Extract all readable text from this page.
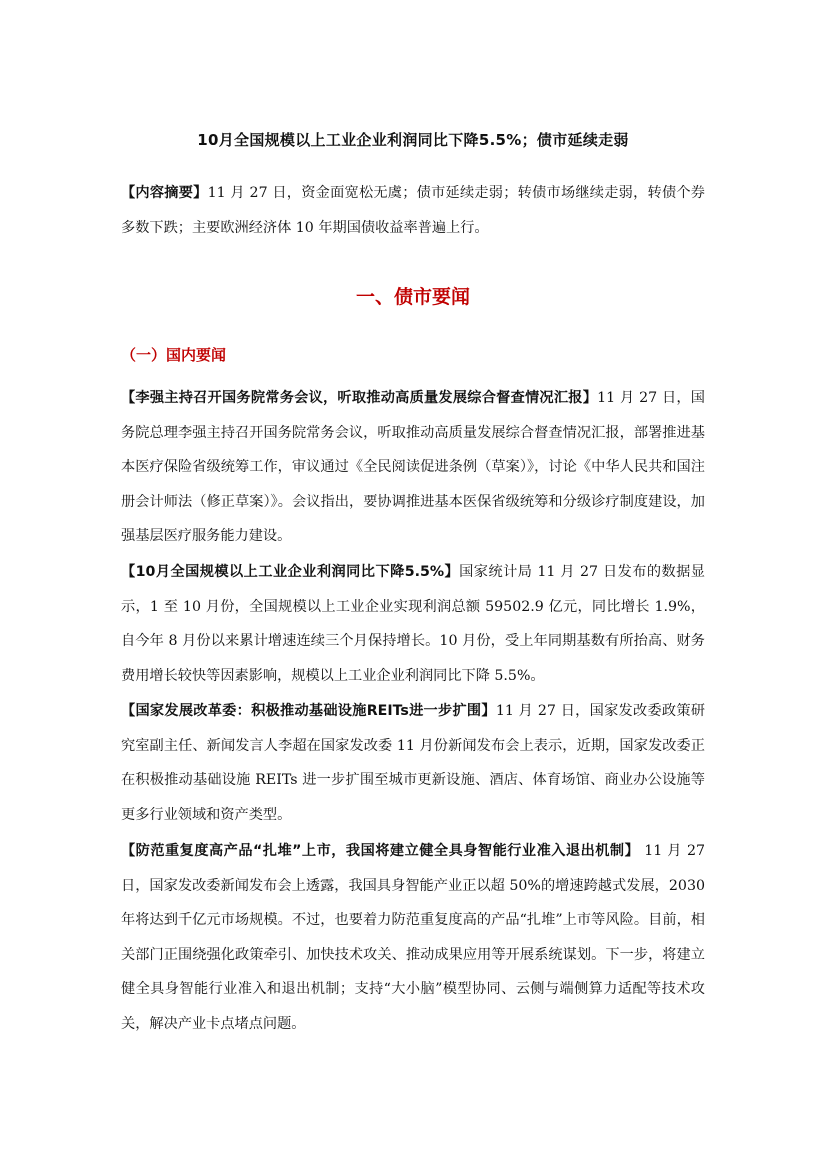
10月全国规模以上工业企业利润同比下降5.5%；债市延续走弱

【内容摘要】11 月 27 日，资金面宽松无虞；债市延续走弱；转债市场继续走弱，转债个券多数下跌；主要欧洲经济体 10 年期国债收益率普遍上行。

一、债市要闻
（一）国内要闻

【李强主持召开国务院常务会议，听取推动高质量发展综合督查情况汇报】11 月 27 日，国务院总理李强主持召开国务院常务会议，听取推动高质量发展综合督查情况汇报，部署推进基本医疗保险省级统筹工作，审议通过《全民阅读促进条例（草案）》，讨论《中华人民共和国注册会计师法（修正草案）》。会议指出，要协调推进基本医保省级统筹和分级诊疗制度建设，加强基层医疗服务能力建设。

【10月全国规模以上工业企业利润同比下降5.5%】国家统计局 11 月 27 日发布的数据显示，1 至 10 月份，全国规模以上工业企业实现利润总额 59502.9 亿元，同比增长 1.9%，自今年 8 月份以来累计增速连续三个月保持增长。10 月份，受上年同期基数有所抬高、财务费用增长较快等因素影响，规模以上工业企业利润同比下降 5.5%。

【国家发展改革委：积极推动基础设施REITs进一步扩围】11 月 27 日，国家发改委政策研究室副主任、新闻发言人李超在国家发改委 11 月份新闻发布会上表示，近期，国家发改委正在积极推动基础设施 REITs 进一步扩围至城市更新设施、酒店、体育场馆、商业办公设施等更多行业领域和资产类型。

【防范重复度高产品“扎堆”上市，我国将建立健全具身智能行业准入退出机制】 11 月 27 日，国家发改委新闻发布会上透露，我国具身智能产业正以超 50%的增速跨越式发展，2030 年将达到千亿元市场规模。不过，也要着力防范重复度高的产品“扎堆”上市等风险。目前，相关部门正围绕强化政策牵引、加快技术攻关、推动成果应用等开展系统谋划。下一步，将建立健全具身智能行业准入和退出机制；支持“大小脑”模型协同、云侧与端侧算力适配等技术攻关，解决产业卡点堵点问题。
